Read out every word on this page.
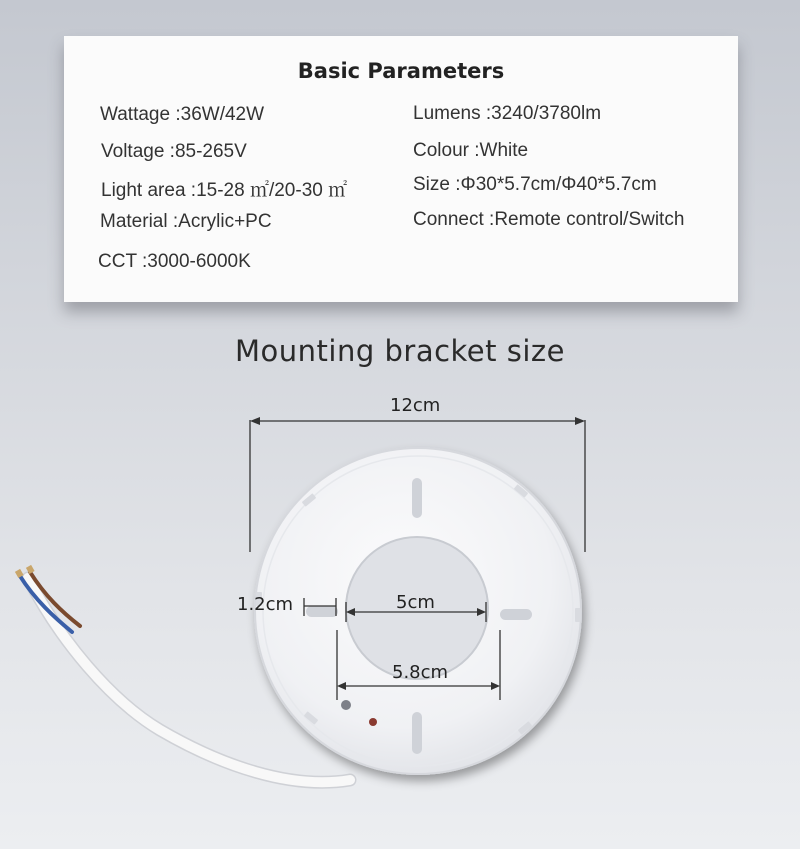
Basic Parameters
Wattage :36W/42W
Voltage :85-265V
Light area :15-28 ㎡/20-30 ㎡
Material :Acrylic+PC
CCT :3000-6000K
Lumens :3240/3780lm
Colour :White
Size :Φ30*5.7cm/Φ40*5.7cm
Connect :Remote control/Switch
Mounting bracket size
12cm
1.2cm	5cm
5.8cm
